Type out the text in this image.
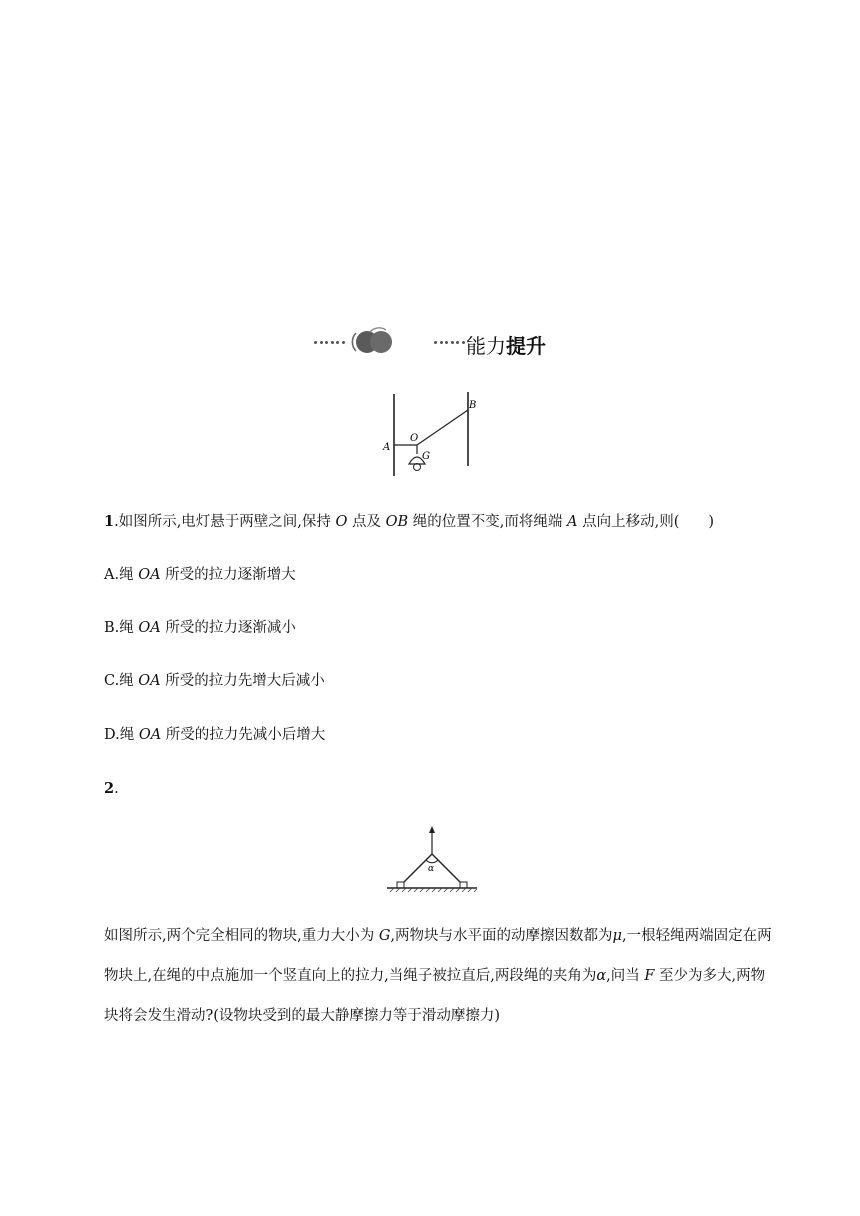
能力提升
A
O
B
G
1.如图所示,电灯悬于两壁之间,保持 O 点及 OB 绳的位置不变,而将绳端 A 点向上移动,则(　　)
A.绳 OA 所受的拉力逐渐增大
B.绳 OA 所受的拉力逐渐减小
C.绳 OA 所受的拉力先增大后减小
D.绳 OA 所受的拉力先减小后增大
2.
α
如图所示,两个完全相同的物块,重力大小为 G,两物块与水平面的动摩擦因数都为μ,一根轻绳两端固定在两物块上,在绳的中点施加一个竖直向上的拉力,当绳子被拉直后,两段绳的夹角为α,问当 F 至少为多大,两物块将会发生滑动?(设物块受到的最大静摩擦力等于滑动摩擦力)
